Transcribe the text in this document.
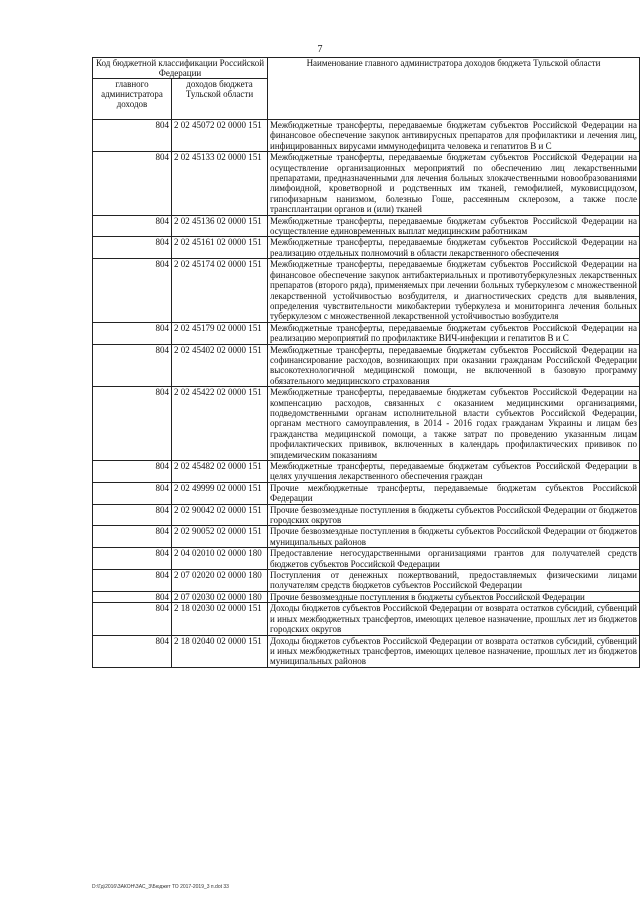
7
Код бюджетной классификации Российской Федерации		Наименование главного администратора доходов бюджета Тульской области
главного администратора доходов	доходов бюджета Тульской области	
804	2 02 45072 02 0000 151	Межбюджетные трансферты, передаваемые бюджетам субъектов Российской Федерации на финансовое обеспечение закупок антивирусных препаратов для профилактики и лечения лиц, инфицированных вирусами иммунодефицита человека и гепатитов В и С
804	2 02 45133 02 0000 151	Межбюджетные трансферты, передаваемые бюджетам субъектов Российской Федерации на осуществление организационных мероприятий по обеспечению лиц лекарственными препаратами, предназначенными для лечения больных злокачественными новообразованиями лимфоидной, кроветворной и родственных им тканей, гемофилией, муковисцидозом, гипофизарным нанизмом, болезнью Гоше, рассеянным склерозом, а также после трансплантации органов и (или) тканей
804	2 02 45136 02 0000 151	Межбюджетные трансферты, передаваемые бюджетам субъектов Российской Федерации на осуществление единовременных выплат медицинским работникам
804	2 02 45161 02 0000 151	Межбюджетные трансферты, передаваемые бюджетам субъектов Российской Федерации на реализацию отдельных полномочий в области лекарственного обеспечения
804	2 02 45174 02 0000 151	Межбюджетные трансферты, передаваемые бюджетам субъектов Российской Федерации на финансовое обеспечение закупок антибактериальных и противотуберкулезных лекарственных препаратов (второго ряда), применяемых при лечении больных туберкулезом с множественной лекарственной устойчивостью возбудителя, и диагностических средств для выявления, определения чувствительности микобактерии туберкулеза и мониторинга лечения больных туберкулезом с множественной лекарственной устойчивостью возбудителя
804	2 02 45179 02 0000 151	Межбюджетные трансферты, передаваемые бюджетам субъектов Российской Федерации на реализацию мероприятий по профилактике ВИЧ-инфекции и гепатитов В и С
804	2 02 45402 02 0000 151	Межбюджетные трансферты, передаваемые бюджетам субъектов Российской Федерации на софинансирование расходов, возникающих при оказании гражданам Российской Федерации высокотехнологичной медицинской помощи, не включенной в базовую программу обязательного медицинского страхования
804	2 02 45422 02 0000 151	Межбюджетные трансферты, передаваемые бюджетам субъектов Российской Федерации на компенсацию расходов, связанных с оказанием медицинскими организациями, подведомственными органам исполнительной власти субъектов Российской Федерации, органам местного самоуправления, в 2014 - 2016 годах гражданам Украины и лицам без гражданства медицинской помощи, а также затрат по проведению указанным лицам профилактических прививок, включенных в календарь профилактических прививок по эпидемическим показаниям
804	2 02 45482 02 0000 151	Межбюджетные трансферты, передаваемые бюджетам субъектов Российской Федерации в целях улучшения лекарственного обеспечения граждан
804	2 02 49999 02 0000 151	Прочие межбюджетные трансферты, передаваемые бюджетам субъектов Российской Федерации
804	2 02 90042 02 0000 151	Прочие безвозмездные поступления в бюджеты субъектов Российской Федерации от бюджетов городских округов
804	2 02 90052 02 0000 151	Прочие безвозмездные поступления в бюджеты субъектов Российской Федерации от бюджетов муниципальных районов
804	2 04 02010 02 0000 180	Предоставление негосударственными организациями грантов для получателей средств бюджетов субъектов Российской Федерации
804	2 07 02020 02 0000 180	Поступления от денежных пожертвований, предоставляемых физическими лицами получателям средств бюджетов субъектов Российской Федерации
804	2 07 02030 02 0000 180	Прочие безвозмездные поступления в бюджеты субъектов Российской Федерации
804	2 18 02030 02 0000 151	Доходы бюджетов субъектов Российской Федерации от возврата остатков субсидий, субвенций и иных межбюджетных трансфертов, имеющих целевое назначение, прошлых лет из бюджетов городских округов
804	2 18 02040 02 0000 151	Доходы бюджетов субъектов Российской Федерации от возврата остатков субсидий, субвенций и иных межбюджетных трансфертов, имеющих целевое назначение, прошлых лет из бюджетов муниципальных районов
D:\Гд\2016\ЗАКОН\ЗАС_3\Бюджет ТО 2017-2019_3 п.dot 33
